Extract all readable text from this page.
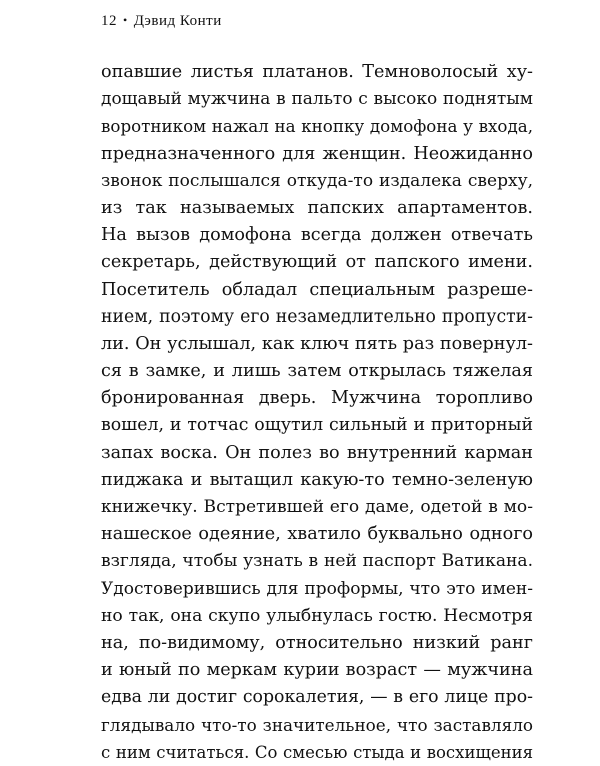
12 • Дэвид Конти
опавшие листья платанов. Темноволосый ху-
дощавый мужчина в пальто с высоко поднятым
воротником нажал на кнопку домофона у входа,
предназначенного для женщин. Неожиданно
звонок послышался откуда-то издалека сверху,
из так называемых папских апартаментов.
На вызов домофона всегда должен отвечать
секретарь, действующий от папского имени.
Посетитель обладал специальным разреше-
нием, поэтому его незамедлительно пропусти-
ли. Он услышал, как ключ пять раз повернул-
ся в замке, и лишь затем открылась тяжелая
бронированная дверь. Мужчина торопливо
вошел, и тотчас ощутил сильный и приторный
запах воска. Он полез во внутренний карман
пиджака и вытащил какую-то темно-зеленую
книжечку. Встретившей его даме, одетой в мо-
нашеское одеяние, хватило буквально одного
взгляда, чтобы узнать в ней паспорт Ватикана.
Удостоверившись для проформы, что это имен-
но так, она скупо улыбнулась гостю. Несмотря
на, по-видимому, относительно низкий ранг
и юный по меркам курии возраст — мужчина
едва ли достиг сорокалетия, — в его лице про-
глядывало что-то значительное, что заставляло
с ним считаться. Со смесью стыда и восхищения
